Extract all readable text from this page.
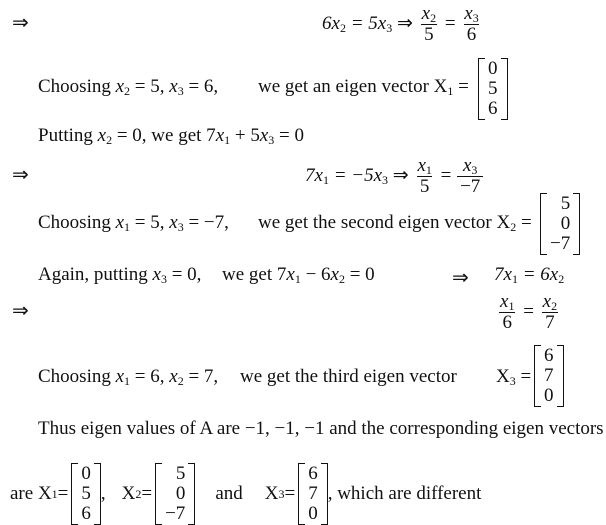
⇒	$6x_2 = 5x_3$ ⇒ $\frac{x_2}{5} = \frac{x_3}{6}$
Choosing $x_2 = 5$, $x_3 = 6$, we get an eigen vector $X_1$ =
0
5
6
Putting $x_2 = 0$, we get $7x_1 + 5x_3 = 0$
⇒	$7x_1 = -5x_3$ ⇒ $\frac{x_1}{5} = \frac{x_3}{-7}$
Choosing $x_1 = 5$, $x_3 = -7$, we get the second eigen vector $X_2$ =
5
0
−7
Again, putting $x_3 = 0$, we get $7x_1 - 6x_2 = 0$	⇒ $7x_1 = 6x_2$
⇒	$\frac{x_1}{6} = \frac{x_2}{7}$
Choosing $x_1 = 6$, $x_2 = 7$, we get the third eigen vector $X_3$ =
6
7
0
Thus eigen values of A are −1, −1, −1 and the corresponding eigen vectors
are X 1 =
0
5
6
, X 2 =
5
0
−7
and X 3 =
6
7
0
, which are different
